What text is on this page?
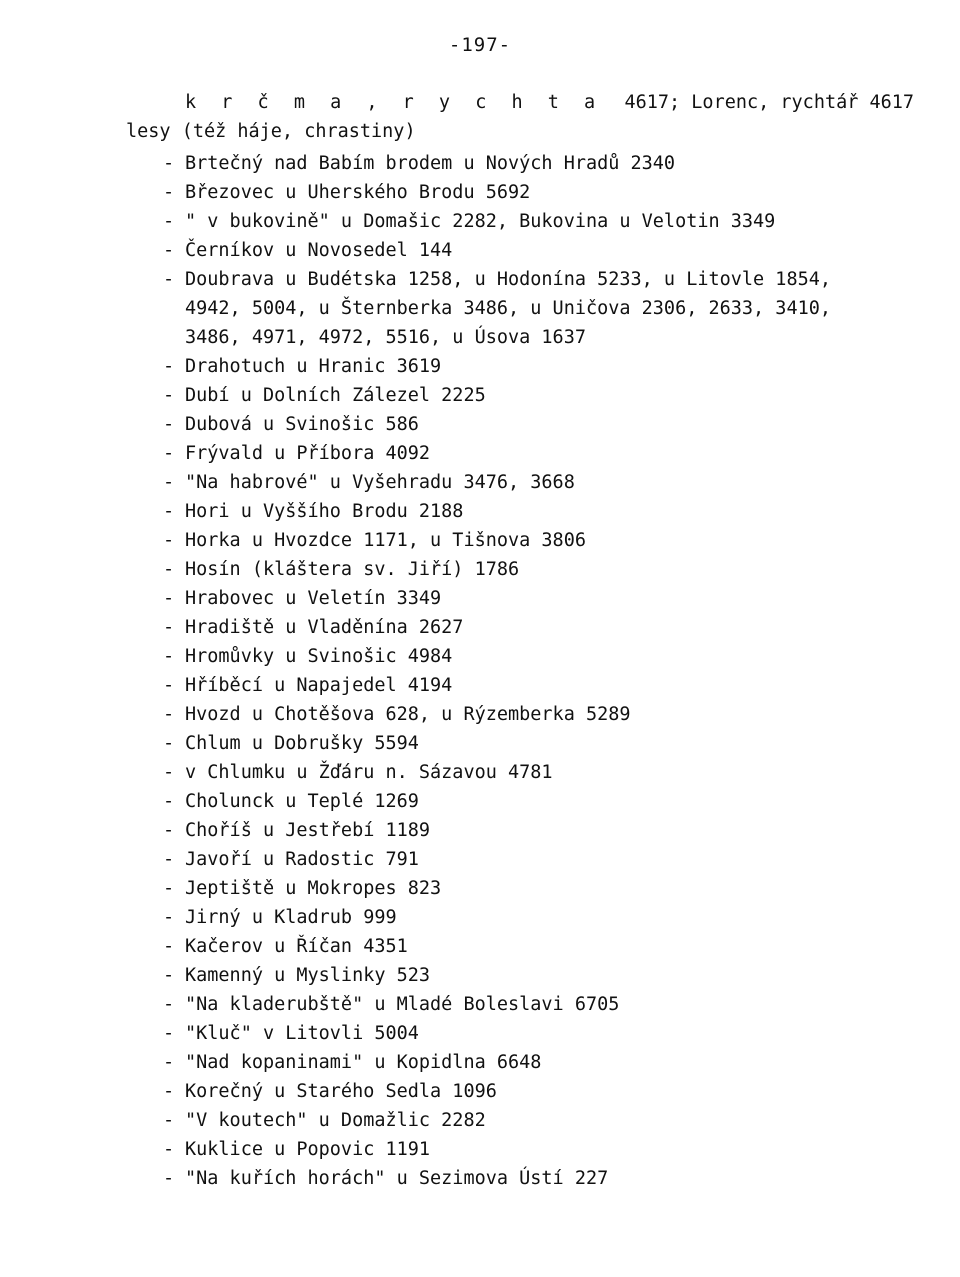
-197-
k r č m a , r y c h t a 4617; Lorenc, rychtář 4617
lesy (též háje, chrastiny)
- Brtečný nad Babím brodem u Nových Hradů 2340
- Březovec u Uherského Brodu 5692
- " v bukovině" u Domašic 2282, Bukovina u Velotin 3349
- Černíkov u Novosedel 144
- Doubrava u Budétska 1258, u Hodonína 5233, u Litovle 1854,
4942, 5004, u Šternberka 3486, u Uničova 2306, 2633, 3410,
3486, 4971, 4972, 5516, u Úsova 1637
- Drahotuch u Hranic 3619
- Dubí u Dolních Zálezel 2225
- Dubová u Svinošic 586
- Frývald u Příbora 4092
- "Na habrové" u Vyšehradu 3476, 3668
- Hori u Vyššího Brodu 2188
- Horka u Hvozdce 1171, u Tišnova 3806
- Hosín (kláštera sv. Jiří) 1786
- Hrabovec u Veletín 3349
- Hradiště u Vladěnína 2627
- Hromůvky u Svinošic 4984
- Hříběcí u Napajedel 4194
- Hvozd u Chotěšova 628, u Rýzemberka 5289
- Chlum u Dobrušky 5594
- v Chlumku u Žďáru n. Sázavou 4781
- Cholunck u Teplé 1269
- Choříš u Jestřebí 1189
- Javoří u Radostic 791
- Jeptiště u Mokropes 823
- Jirný u Kladrub 999
- Kačerov u Říčan 4351
- Kamenný u Myslinky 523
- "Na kladerubště" u Mladé Boleslavi 6705
- "Kluč" v Litovli 5004
- "Nad kopaninami" u Kopidlna 6648
- Korečný u Starého Sedla 1096
- "V koutech" u Domažlic 2282
- Kuklice u Popovic 1191
- "Na kuřích horách" u Sezimova Ústí 227
